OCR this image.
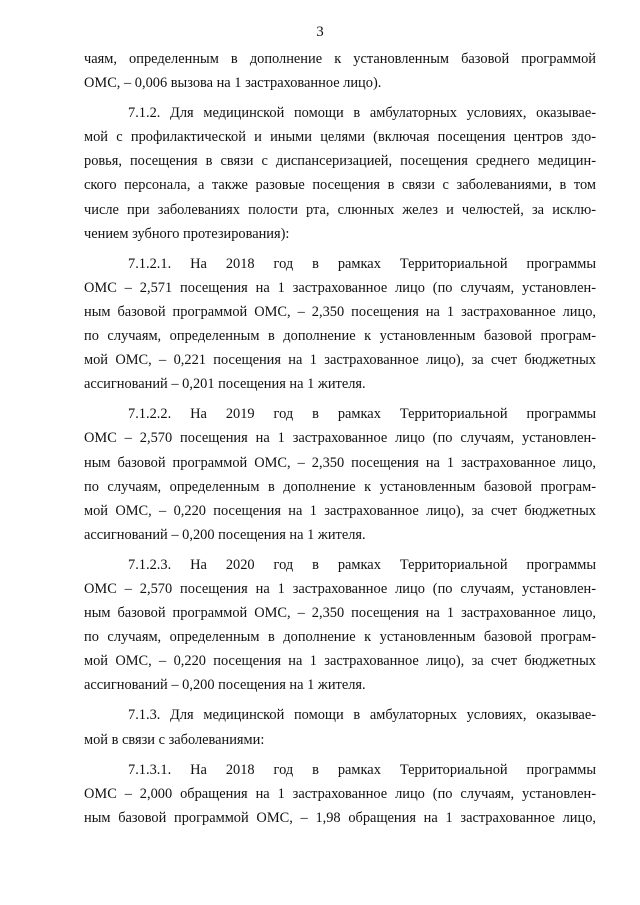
3
чаям, определенным в дополнение к установленным базовой программой
ОМС, – 0,006 вызова на 1 застрахованное лицо).
7.1.2. Для медицинской помощи в амбулаторных условиях, оказывае-
мой с профилактической и иными целями (включая посещения центров здо-
ровья, посещения в связи с диспансеризацией, посещения среднего медицин-
ского персонала, а также разовые посещения в связи с заболеваниями, в том
числе при заболеваниях полости рта, слюнных желез и челюстей, за исклю-
чением зубного протезирования):
7.1.2.1. На 2018 год в рамках Территориальной программы
ОМС – 2,571 посещения на 1 застрахованное лицо (по случаям, установлен-
ным базовой программой ОМС, – 2,350 посещения на 1 застрахованное лицо,
по случаям, определенным в дополнение к установленным базовой програм-
мой ОМС, – 0,221 посещения на 1 застрахованное лицо), за счет бюджетных
ассигнований – 0,201 посещения на 1 жителя.
7.1.2.2. На 2019 год в рамках Территориальной программы
ОМС – 2,570 посещения на 1 застрахованное лицо (по случаям, установлен-
ным базовой программой ОМС, – 2,350 посещения на 1 застрахованное лицо,
по случаям, определенным в дополнение к установленным базовой програм-
мой ОМС, – 0,220 посещения на 1 застрахованное лицо), за счет бюджетных
ассигнований – 0,200 посещения на 1 жителя.
7.1.2.3. На 2020 год в рамках Территориальной программы
ОМС – 2,570 посещения на 1 застрахованное лицо (по случаям, установлен-
ным базовой программой ОМС, – 2,350 посещения на 1 застрахованное лицо,
по случаям, определенным в дополнение к установленным базовой програм-
мой ОМС, – 0,220 посещения на 1 застрахованное лицо), за счет бюджетных
ассигнований – 0,200 посещения на 1 жителя.
7.1.3. Для медицинской помощи в амбулаторных условиях, оказывае-
мой в связи с заболеваниями:
7.1.3.1. На 2018 год в рамках Территориальной программы
ОМС – 2,000 обращения на 1 застрахованное лицо (по случаям, установлен-
ным базовой программой ОМС, – 1,98 обращения на 1 застрахованное лицо,
